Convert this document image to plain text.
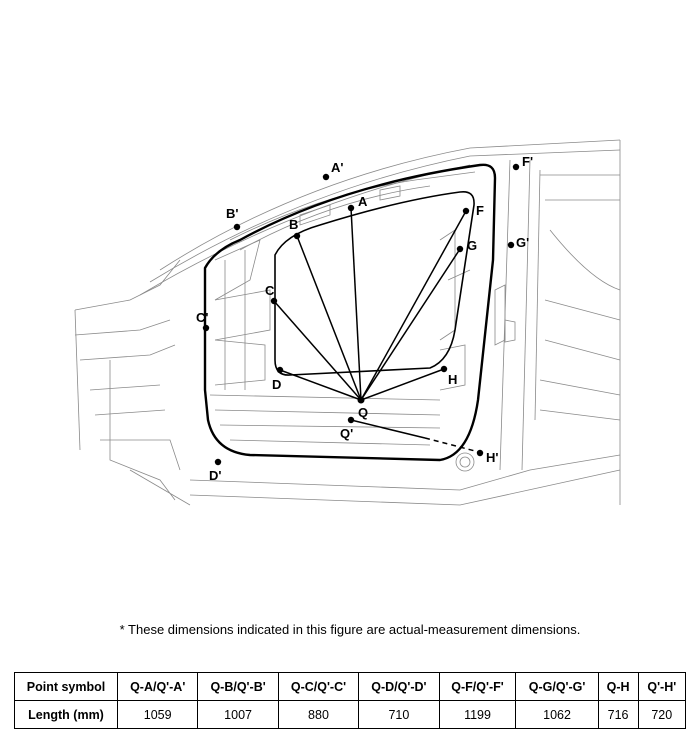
A
A'
B
B'
C
C'
D
D'
F
F'
G	G'
H
H'
Q
Q'
* These dimensions indicated in this figure are actual-measurement dimensions.
Point symbol	Q-A/Q'-A'	Q-B/Q'-B'	Q-C/Q'-C'	Q-D/Q'-D'	Q-F/Q'-F'	Q-G/Q'-G'	Q-H	Q'-H'
Length (mm)	1059	1007	880	710	1199	1062	716	720
